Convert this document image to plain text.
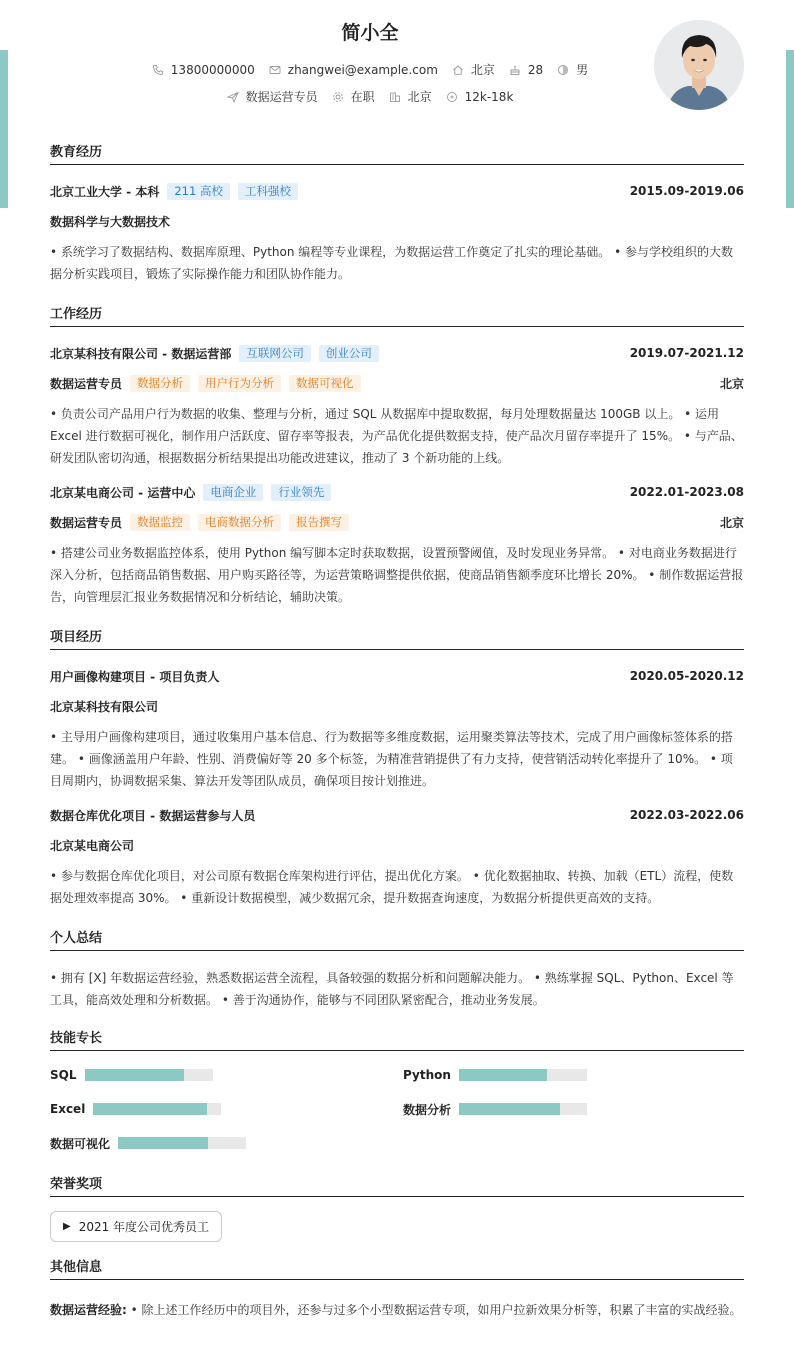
简小全
13800000000	zhangwei@example.com	北京	28	男
数据运营专员	在职	北京	12k-18k
教育经历
北京工业大学 - 本科	211 高校	工科强校	2015.09-2019.06
数据科学与大数据技术
• 系统学习了数据结构、数据库原理、Python 编程等专业课程，为数据运营工作奠定了扎实的理论基础。 • 参与学校组织的大数据分析实践项目，锻炼了实际操作能力和团队协作能力。
工作经历
北京某科技有限公司 - 数据运营部	互联网公司	创业公司	2019.07-2021.12
数据运营专员	数据分析	用户行为分析	数据可视化	北京
• 负责公司产品用户行为数据的收集、整理与分析，通过 SQL 从数据库中提取数据，每月处理数据量达 100GB 以上。 • 运用 Excel 进行数据可视化，制作用户活跃度、留存率等报表，为产品优化提供数据支持，使产品次月留存率提升了 15%。 • 与产品、研发团队密切沟通，根据数据分析结果提出功能改进建议，推动了 3 个新功能的上线。
北京某电商公司 - 运营中心	电商企业	行业领先	2022.01-2023.08
数据运营专员	数据监控	电商数据分析	报告撰写	北京
• 搭建公司业务数据监控体系，使用 Python 编写脚本定时获取数据，设置预警阈值，及时发现业务异常。 • 对电商业务数据进行深入分析，包括商品销售数据、用户购买路径等，为运营策略调整提供依据，使商品销售额季度环比增长 20%。 • 制作数据运营报告，向管理层汇报业务数据情况和分析结论，辅助决策。
项目经历
用户画像构建项目 - 项目负责人	2020.05-2020.12
北京某科技有限公司
• 主导用户画像构建项目，通过收集用户基本信息、行为数据等多维度数据，运用聚类算法等技术，完成了用户画像标签体系的搭建。 • 画像涵盖用户年龄、性别、消费偏好等 20 多个标签，为精准营销提供了有力支持，使营销活动转化率提升了 10%。 • 项目周期内，协调数据采集、算法开发等团队成员，确保项目按计划推进。
数据仓库优化项目 - 数据运营参与人员	2022.03-2022.06
北京某电商公司
• 参与数据仓库优化项目，对公司原有数据仓库架构进行评估，提出优化方案。 • 优化数据抽取、转换、加载（ETL）流程，使数据处理效率提高 30%。 • 重新设计数据模型，减少数据冗余，提升数据查询速度，为数据分析提供更高效的支持。
个人总结
• 拥有 [X] 年数据运营经验，熟悉数据运营全流程，具备较强的数据分析和问题解决能力。 • 熟练掌握 SQL、Python、Excel 等工具，能高效处理和分析数据。 • 善于沟通协作，能够与不同团队紧密配合，推动业务发展。
技能专长
SQL	Python
Excel	数据分析
数据可视化
荣誉奖项
▶ 2021 年度公司优秀员工
其他信息
数据运营经验: • 除上述工作经历中的项目外，还参与过多个小型数据运营专项，如用户拉新效果分析等，积累了丰富的实战经验。
